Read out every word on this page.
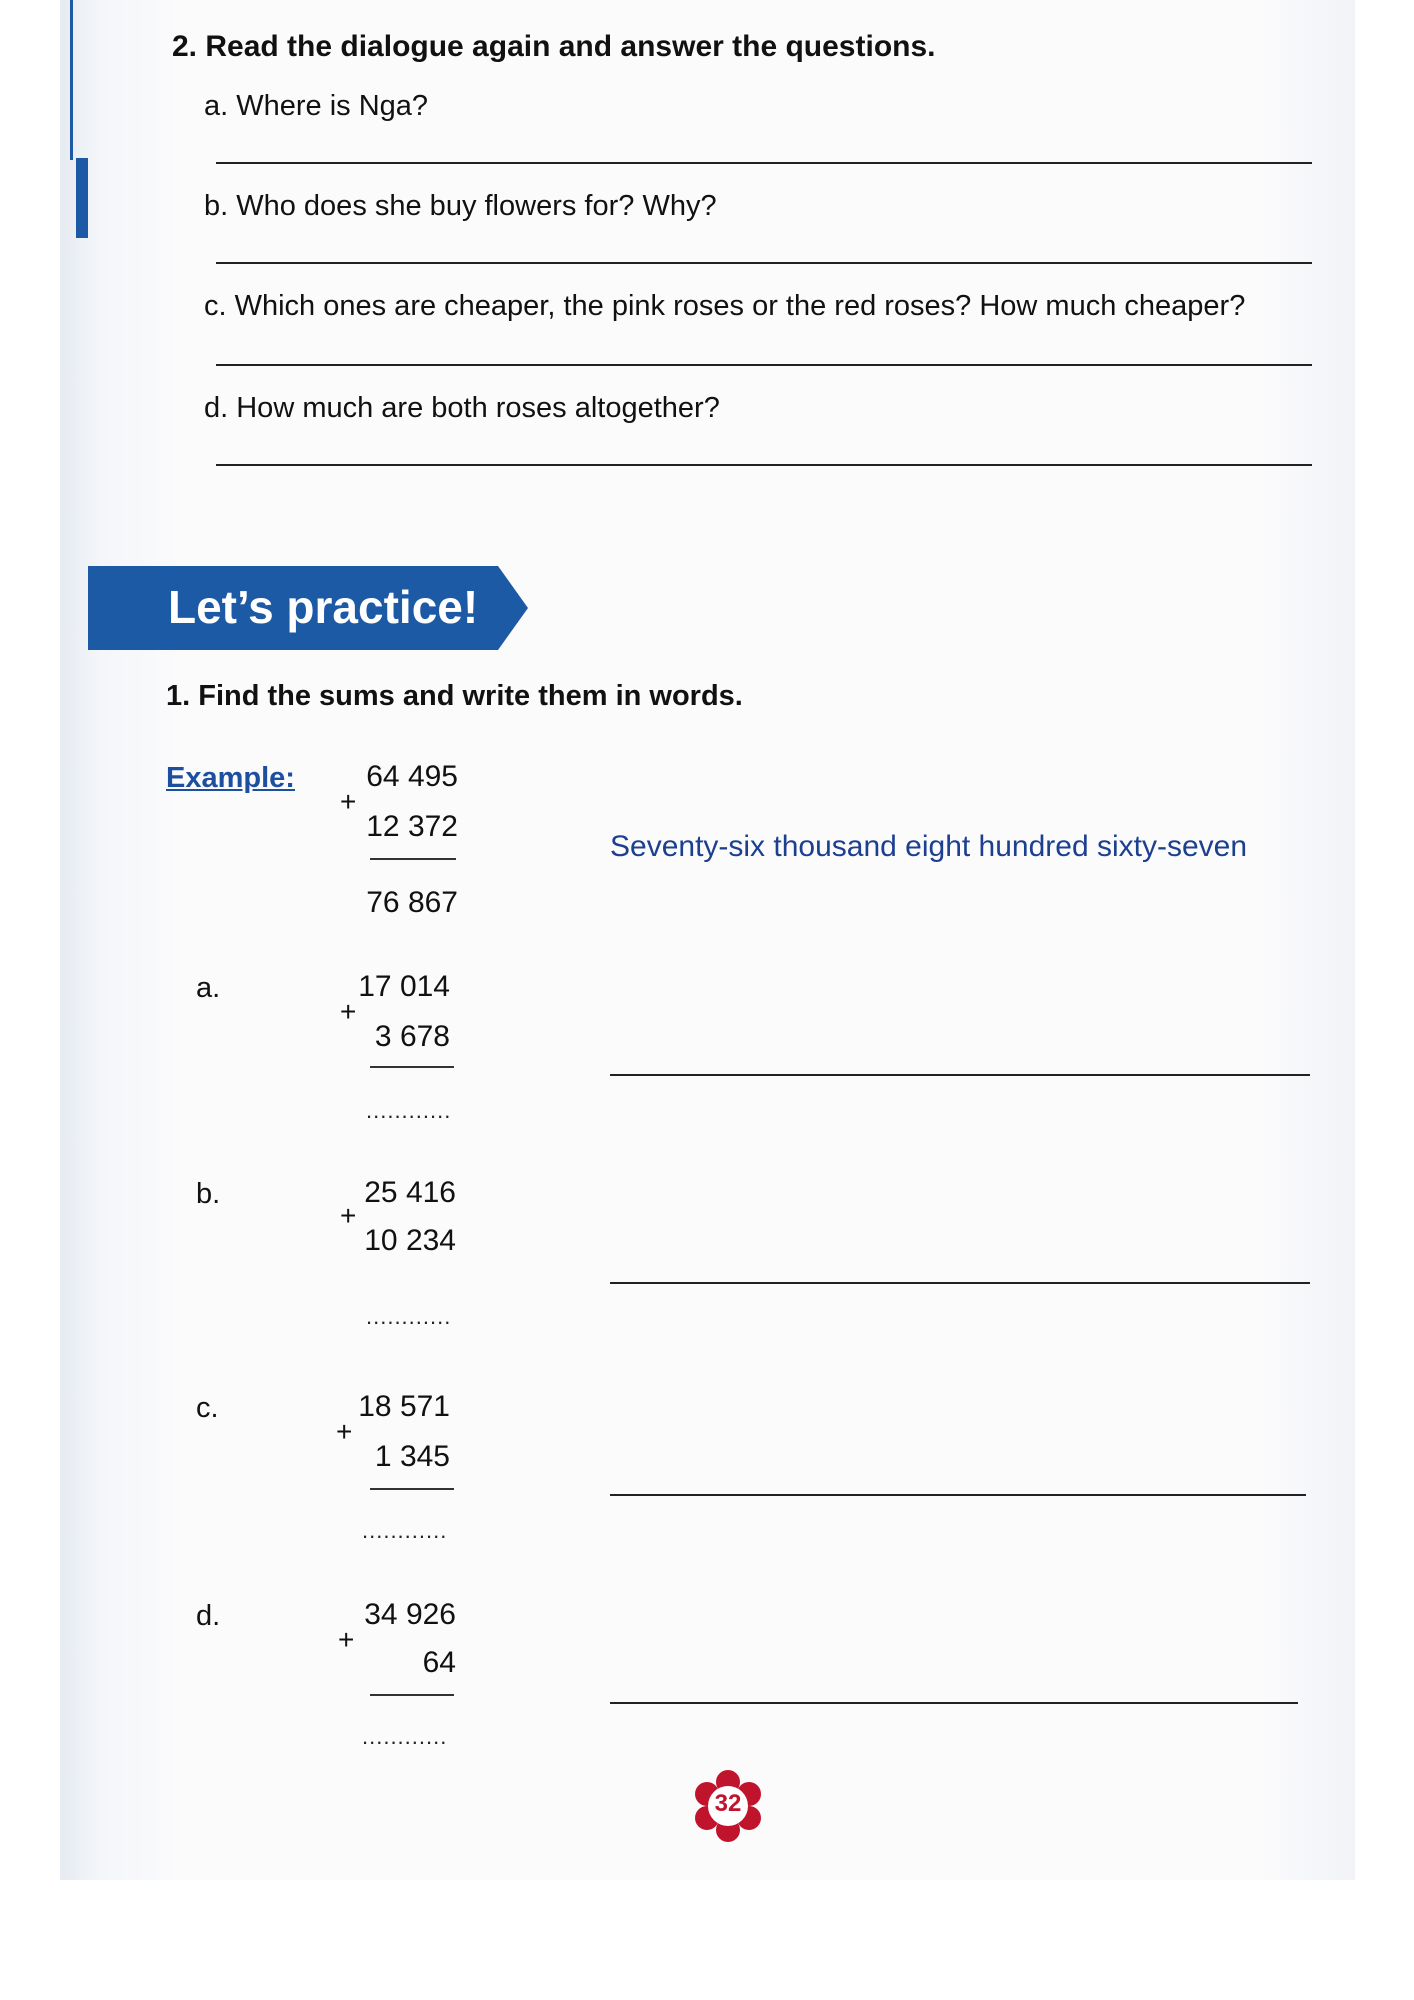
2. Read the dialogue again and answer the questions.
a. Where is Nga?
b. Who does she buy flowers for? Why?
c. Which ones are cheaper, the pink roses or the red roses? How much cheaper?
d. How much are both roses altogether?
Let’s practice!
1. Find the sums and write them in words.
Example:	64 495
+
12 372
76 867
Seventy-six thousand eight hundred sixty-seven
a.	17 014
+
3 678
............
b.	25 416
+
10 234
............
c.	18 571
+
1 345
............
d.	34 926
+
64
............
32
